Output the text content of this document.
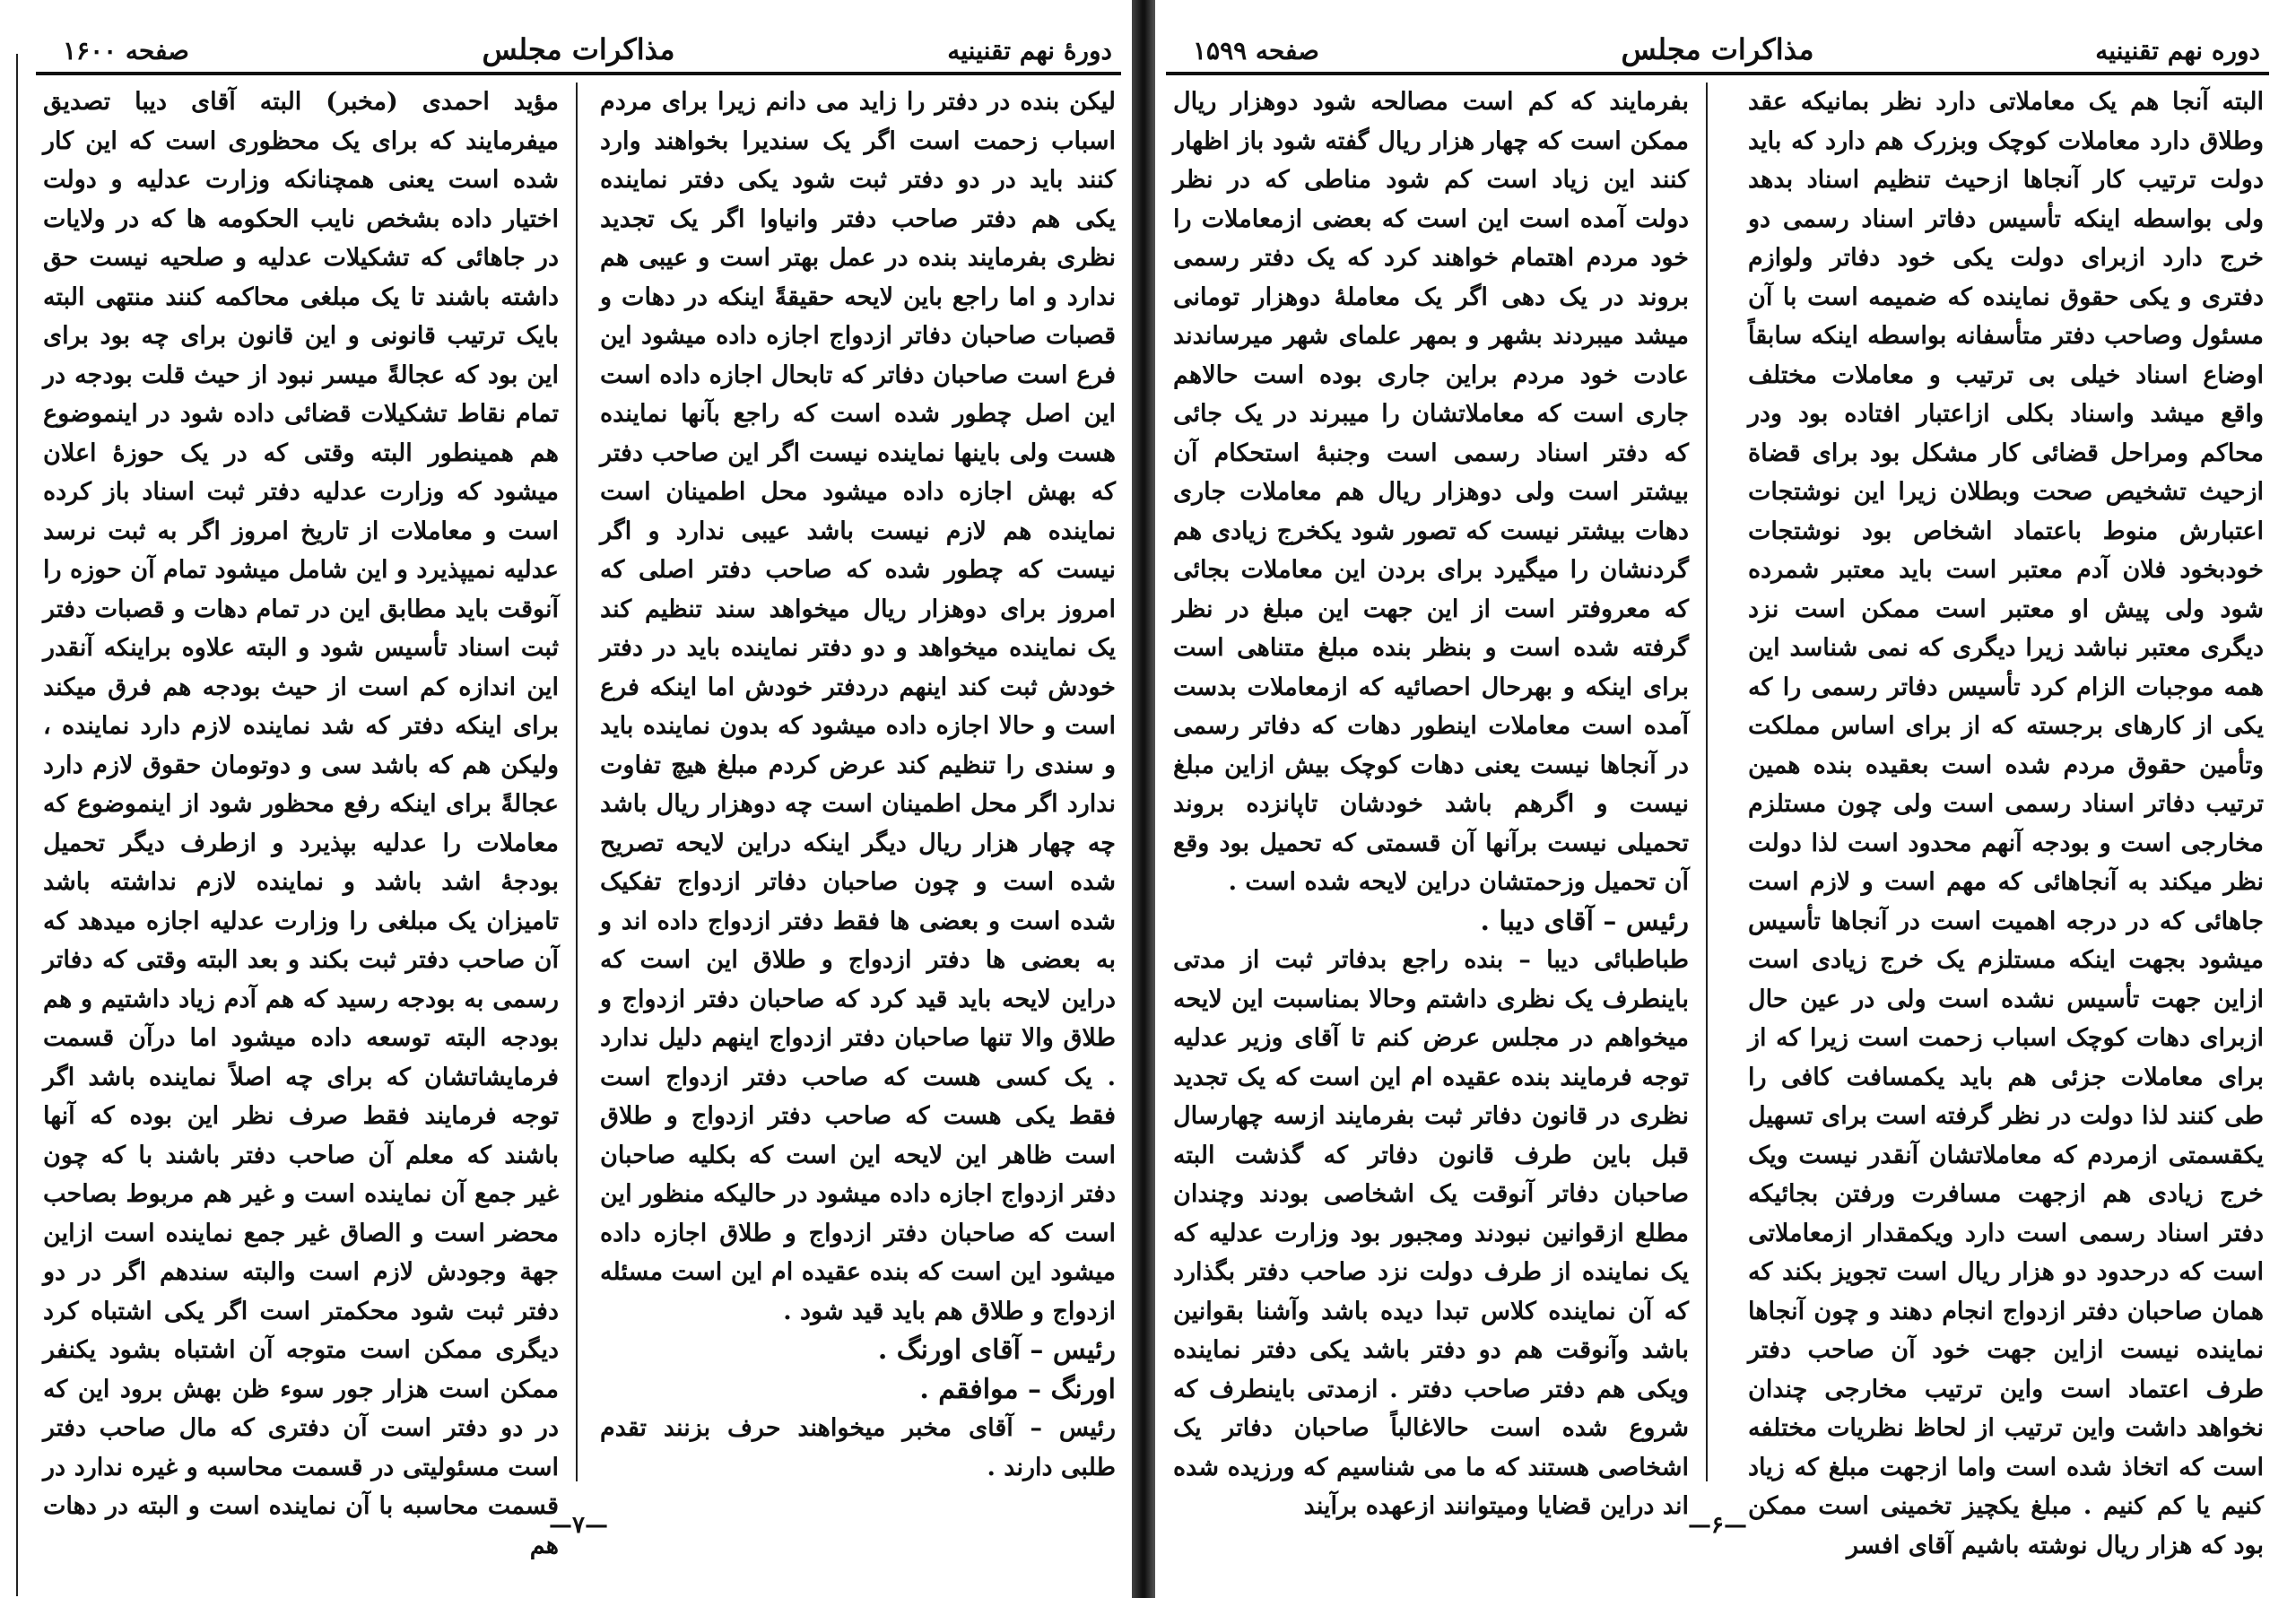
دورهٔ نهم تقنینیه
مذاکرات مجلس
صفحه ۱۶۰۰

لیکن بنده در دفتر را زاید می دانم زیرا برای مردم اسباب زحمت است اگر یک سندیرا بخواهند وارد کنند باید در دو دفتر ثبت شود یکی دفتر نماینده یکی هم دفتر صاحب دفتر وانیاوا اگر یک تجدید نظری بفرمایند بنده در عمل بهتر است و عیبی هم ندارد و اما راجع باین لایحه حقیقةً اینکه در دهات و قصبات صاحبان دفاتر ازدواج اجازه داده میشود این فرع است صاحبان دفاتر که تابحال اجازه داده است این اصل چطور شده است که راجع بآنها نماینده هست ولی باینها نماینده نیست اگر این صاحب دفتر که بهش اجازه داده میشود محل اطمینان است نماینده هم لازم نیست باشد عیبی ندارد و اگر نیست که چطور شده که صاحب دفتر اصلی که امروز برای دوهزار ریال میخواهد سند تنظیم کند یک نماینده میخواهد و دو دفتر نماینده باید در دفتر خودش ثبت کند اینهم دردفتر خودش اما اینکه فرع است و حالا اجازه داده میشود که بدون نماینده باید و سندی را تنظیم کند عرض کردم مبلغ هیچ تفاوت ندارد اگر محل اطمینان است چه دوهزار ریال باشد چه چهار هزار ریال دیگر اینکه دراین لایحه تصریح شده است و چون صاحبان دفاتر ازدواج تفکیک شده است و بعضی ها فقط دفتر ازدواج داده اند و به بعضی ها دفتر ازدواج و طلاق این است که دراین لایحه باید قید کرد که صاحبان دفتر ازدواج و طلاق والا تنها صاحبان دفتر ازدواج اینهم دلیل ندارد . یک کسی هست که صاحب دفتر ازدواج است فقط یکی هست که صاحب دفتر ازدواج و طلاق است ظاهر این لایحه این است که بکلیه صاحبان دفتر ازدواج اجازه داده میشود در حالیکه منظور این است که صاحبان دفتر ازدواج و طلاق اجازه داده میشود این است که بنده عقیده ام این است مسئله ازدواج و طلاق هم باید قید شود .

رئیس – آقای اورنگ .

اورنگ – موافقم .

رئیس – آقای مخبر میخواهند حرف بزنند تقدم طلبی دارند .

مؤید احمدی (مخبر) البته آقای دیبا تصدیق میفرمایند که برای یک محظوری است که این کار شده است یعنی همچنانکه وزارت عدلیه و دولت اختیار داده بشخص نایب الحکومه ها که در ولایات در جاهائی که تشکیلات عدلیه و صلحیه نیست حق داشته باشند تا یک مبلغی محاکمه کنند منتهی البته بایک ترتیب قانونی و این قانون برای چه بود برای این بود که عجالةً میسر نبود از حیث قلت بودجه در تمام نقاط تشکیلات قضائی داده شود در اینموضوع هم همینطور البته وقتی که در یک حوزهٔ اعلان میشود که وزارت عدلیه دفتر ثبت اسناد باز کرده است و معاملات از تاریخ امروز اگر به ثبت نرسد عدلیه نمیپذیرد و این شامل میشود تمام آن حوزه را آنوقت باید مطابق این در تمام دهات و قصبات دفتر ثبت اسناد تأسیس شود و البته علاوه براینکه آنقدر این اندازه کم است از حیث بودجه هم فرق میکند برای اینکه دفتر که شد نماینده لازم دارد نماینده ، ولیکن هم که باشد سی و دوتومان حقوق لازم دارد عجالةً برای اینکه رفع محظور شود از اینموضوع که معاملات را عدلیه بپذیرد و ازطرف دیگر تحمیل بودجهٔ اشد باشد و نماینده لازم نداشته باشد تامیزان یک مبلغی را وزارت عدلیه اجازه میدهد که آن صاحب دفتر ثبت بکند و بعد البته وقتی که دفاتر رسمی به بودجه رسید که هم آدم زیاد داشتیم و هم بودجه البته توسعه داده میشود اما درآن قسمت فرمایشاتشان که برای چه اصلاً نماینده باشد اگر توجه فرمایند فقط صرف نظر این بوده که آنها باشند که معلم آن صاحب دفتر باشند با که چون غیر جمع آن نماینده است و غیر هم مربوط بصاحب محضر است و الصاق غیر جمع نماینده است ازاین جهة وجودش لازم است والبته سندهم اگر در دو دفتر ثبت شود محکمتر است اگر یکی اشتباه کرد دیگری ممکن است متوجه آن اشتباه بشود یکنفر ممکن است هزار جور سوء ظن بهش برود این که در دو دفتر است آن دفتری که مال صاحب دفتر است مسئولیتی در قسمت محاسبه و غیره ندارد در قسمت محاسبه با آن نماینده است و البته در دهات هم

—۷—
دوره نهم تقنینیه
مذاکرات مجلس
صفحه ۱۵۹۹

البته آنجا هم یک معاملاتی دارد نظر بمانیکه عقد وطلاق دارد معاملات کوچک وبزرک هم دارد که باید دولت ترتیب کار آنجاها ازحیث تنظیم اسناد بدهد ولی بواسطه اینکه تأسیس دفاتر اسناد رسمی دو خرج دارد ازبرای دولت یکی خود دفاتر ولوازم دفتری و یکی حقوق نماینده که ضمیمه است با آن مسئول وصاحب دفتر متأسفانه بواسطه اینکه سابقاً اوضاع اسناد خیلی بی ترتیب و معاملات مختلف واقع میشد واسناد بکلی ازاعتبار افتاده بود ودر محاکم ومراحل قضائی کار مشکل بود برای قضاة ازحیث تشخیص صحت وبطلان زیرا این نوشتجات اعتبارش منوط باعتماد اشخاص بود نوشتجات خودبخود فلان آدم معتبر است باید معتبر شمرده شود ولی پیش او معتبر است ممکن است نزد دیگری معتبر نباشد زیرا دیگری که نمی شناسد این همه موجبات الزام کرد تأسیس دفاتر رسمی را که یکی از کارهای برجسته که از برای اساس مملکت وتأمین حقوق مردم شده است بعقیده بنده همین ترتیب دفاتر اسناد رسمی است ولی چون مستلزم مخارجی است و بودجه آنهم محدود است لذا دولت نظر میکند به آنجاهائی که مهم است و لازم است جاهائی که در درجه اهمیت است در آنجاها تأسیس میشود بجهت اینکه مستلزم یک خرج زیادی است ازاین جهت تأسیس نشده است ولی در عین حال ازبرای دهات کوچک اسباب زحمت است زیرا که از برای معاملات جزئی هم باید یکمسافت کافی را طی کنند لذا دولت در نظر گرفته است برای تسهیل یکقسمتی ازمردم که معاملاتشان آنقدر نیست ویک خرج زیادی هم ازجهت مسافرت ورفتن بجائیکه دفتر اسناد رسمی است دارد ویکمقدار ازمعاملاتی است که درحدود دو هزار ریال است تجویز بکند که همان صاحبان دفتر ازدواج انجام دهند و چون آنجاها نماینده نیست ازاین جهت خود آن صاحب دفتر طرف اعتماد است واین ترتیب مخارجی چندان نخواهد داشت واین ترتیب از لحاظ نظریات مختلفه است که اتخاذ شده است واما ازجهت مبلغ که زیاد کنیم یا کم کنیم . مبلغ یکچیز تخمینی است ممکن بود که هزار ریال نوشته باشیم آقای افسر

بفرمایند که کم است مصالحه شود دوهزار ریال ممکن است که چهار هزار ریال گفته شود باز اظهار کنند این زیاد است کم شود مناطی که در نظر دولت آمده است این است که بعضی ازمعاملات را خود مردم اهتمام خواهند کرد که یک دفتر رسمی بروند در یک دهی اگر یک معاملهٔ دوهزار تومانی میشد میبردند بشهر و بمهر علمای شهر میرساندند عادت خود مردم براین جاری بوده است حالاهم جاری است که معاملاتشان را میبرند در یک جائی که دفتر اسناد رسمی است وجنبهٔ استحکام آن بیشتر است ولی دوهزار ریال هم معاملات جاری دهات بیشتر نیست که تصور شود یکخرج زیادی هم گردنشان را میگیرد برای بردن این معاملات بجائی که معروفتر است از این جهت این مبلغ در نظر گرفته شده است و بنظر بنده مبلغ متناهی است برای اینکه و بهرحال احصائیه که ازمعاملات بدست آمده است معاملات اینطور دهات که دفاتر رسمی در آنجاها نیست یعنی دهات کوچک بیش ازاین مبلغ نیست و اگرهم باشد خودشان تاپانزده بروند تحمیلی نیست برآنها آن قسمتی که تحمیل بود وقع آن تحمیل وزحمتشان دراین لایحه شده است .

رئیس – آقای دیبا .

طباطبائی دیبا – بنده راجع بدفاتر ثبت از مدتی باینطرف یک نظری داشتم وحالا بمناسبت این لایحه میخواهم در مجلس عرض کنم تا آقای وزیر عدلیه توجه فرمایند بنده عقیده ام این است که یک تجدید نظری در قانون دفاتر ثبت بفرمایند ازسه چهارسال قبل باین طرف قانون دفاتر که گذشت البته صاحبان دفاتر آنوقت یک اشخاصی بودند وچندان مطلع ازقوانین نبودند ومجبور بود وزارت عدلیه که یک نماینده از طرف دولت نزد صاحب دفتر بگذارد که آن نماینده کلاس تبدا دیده باشد وآشنا بقوانین باشد وآنوقت هم دو دفتر باشد یکی دفتر نماینده ویکی هم دفتر صاحب دفتر . ازمدتی باینطرف که شروع شده است حالاغالباً صاحبان دفاتر یک اشخاصی هستند که ما می شناسیم که ورزیده شده اند دراین قضایا ومیتوانند ازعهده برآیند

—۶—
